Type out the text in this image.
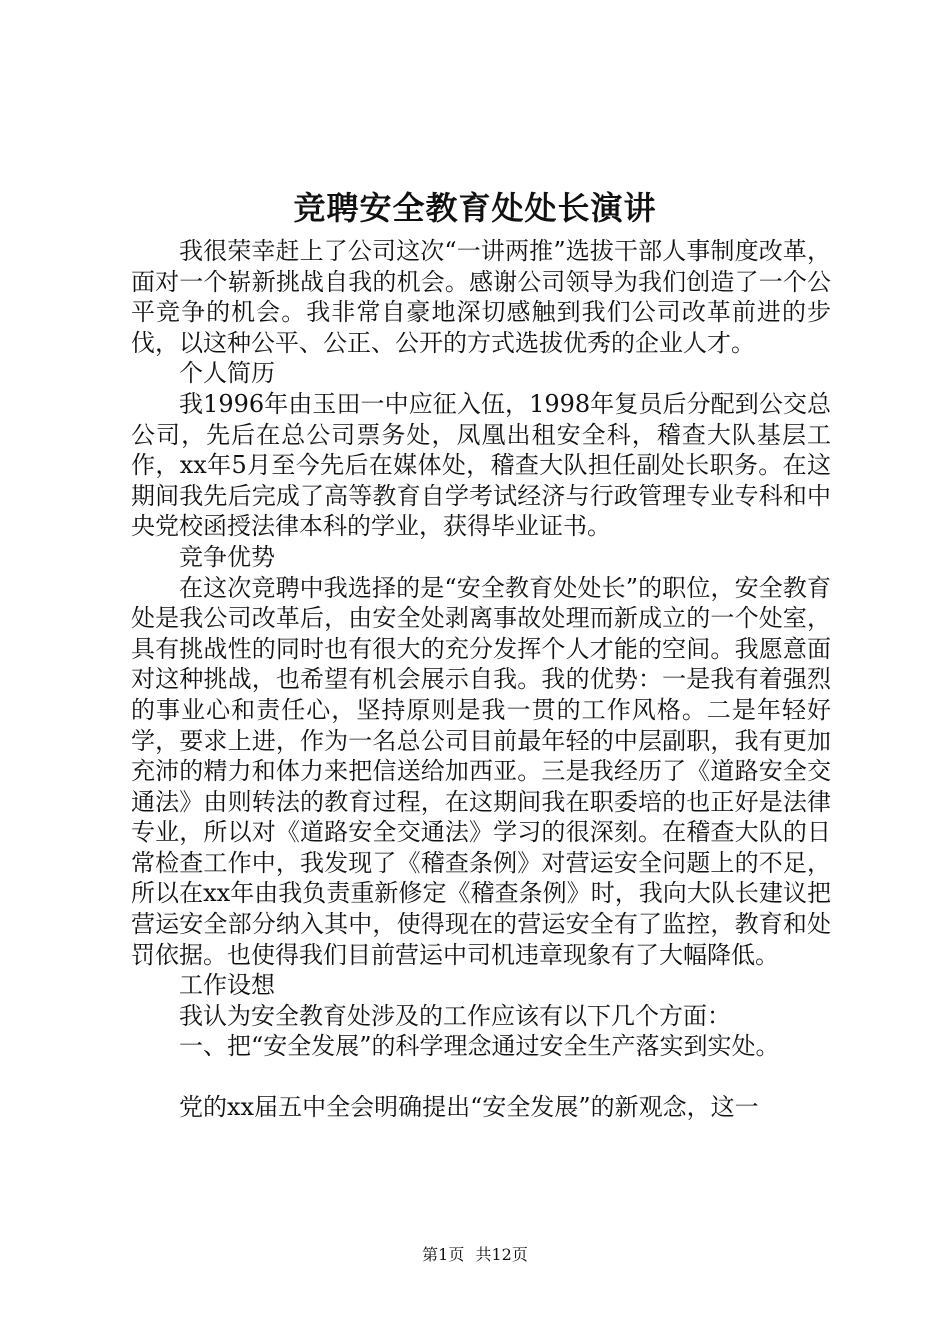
竞聘安全教育处处长演讲

我很荣幸赶上了公司这次“一讲两推”选拔干部人事制度改革，面对一个崭新挑战自我的机会。感谢公司领导为我们创造了一个公平竞争的机会。我非常自豪地深切感触到我们公司改革前进的步伐，以这种公平、公正、公开的方式选拔优秀的企业人才。

个人简历

我1996年由玉田一中应征入伍，1998年复员后分配到公交总公司，先后在总公司票务处，凤凰出租安全科，稽查大队基层工作，xx年5月至今先后在媒体处，稽查大队担任副处长职务。在这期间我先后完成了高等教育自学考试经济与行政管理专业专科和中央党校函授法律本科的学业，获得毕业证书。

竞争优势

在这次竞聘中我选择的是“安全教育处处长”的职位，安全教育处是我公司改革后，由安全处剥离事故处理而新成立的一个处室，具有挑战性的同时也有很大的充分发挥个人才能的空间。我愿意面对这种挑战，也希望有机会展示自我。我的优势：一是我有着强烈的事业心和责任心，坚持原则是我一贯的工作风格。二是年轻好学，要求上进，作为一名总公司目前最年轻的中层副职，我有更加充沛的精力和体力来把信送给加西亚。三是我经历了《道路安全交通法》由则转法的教育过程，在这期间我在职委培的也正好是法律专业，所以对《道路安全交通法》学习的很深刻。在稽查大队的日常检查工作中，我发现了《稽查条例》对营运安全问题上的不足，所以在xx年由我负责重新修定《稽查条例》时，我向大队长建议把营运安全部分纳入其中，使得现在的营运安全有了监控，教育和处罚依据。也使得我们目前营运中司机违章现象有了大幅降低。

工作设想

我认为安全教育处涉及的工作应该有以下几个方面：

一、把“安全发展”的科学理念通过安全生产落实到实处。

党的xx届五中全会明确提出“安全发展”的新观念，这一

第1页 共12页
